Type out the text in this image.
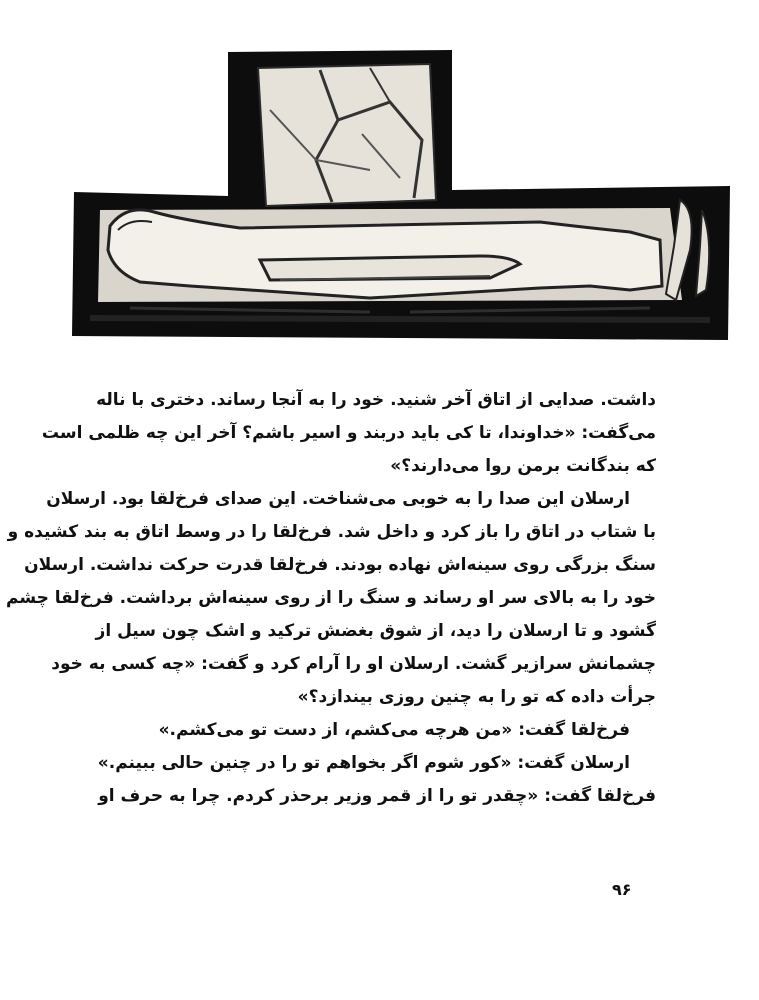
داشت. صدایی از اتاق آخر شنید. خود را به آنجا رساند. دختری با ناله
می‌گفت: «خداوندا، تا کی باید دربند و اسیر باشم؟ آخر این چه ظلمی است
که بندگانت برمن روا می‌دارند؟»
ارسلان این صدا را به خوبی می‌شناخت. این صدای فرخ‌لقا بود. ارسلان
با شتاب در اتاق را باز کرد و داخل شد. فرخ‌لقا را در وسط اتاق به بند کشیده و
سنگ بزرگی روی سینه‌اش نهاده بودند. فرخ‌لقا قدرت حرکت نداشت. ارسلان
خود را به بالای سر او رساند و سنگ را از روی سینه‌اش برداشت. فرخ‌لقا چشم
گشود و تا ارسلان را دید، از شوق بغضش ترکید و اشک چون سیل از
چشمانش سرازیر گشت. ارسلان او را آرام کرد و گفت: «چه کسی به خود
جرأت داده که تو را به چنین روزی بیندازد؟»
فرخ‌لقا گفت: «من هرچه می‌کشم، از دست تو می‌کشم.»
ارسلان گفت: «کور شوم اگر بخواهم تو را در چنین حالی ببینم.»
فرخ‌لقا گفت: «چقدر تو را از قمر وزیر برحذر کردم. چرا به حرف او
۹۶
